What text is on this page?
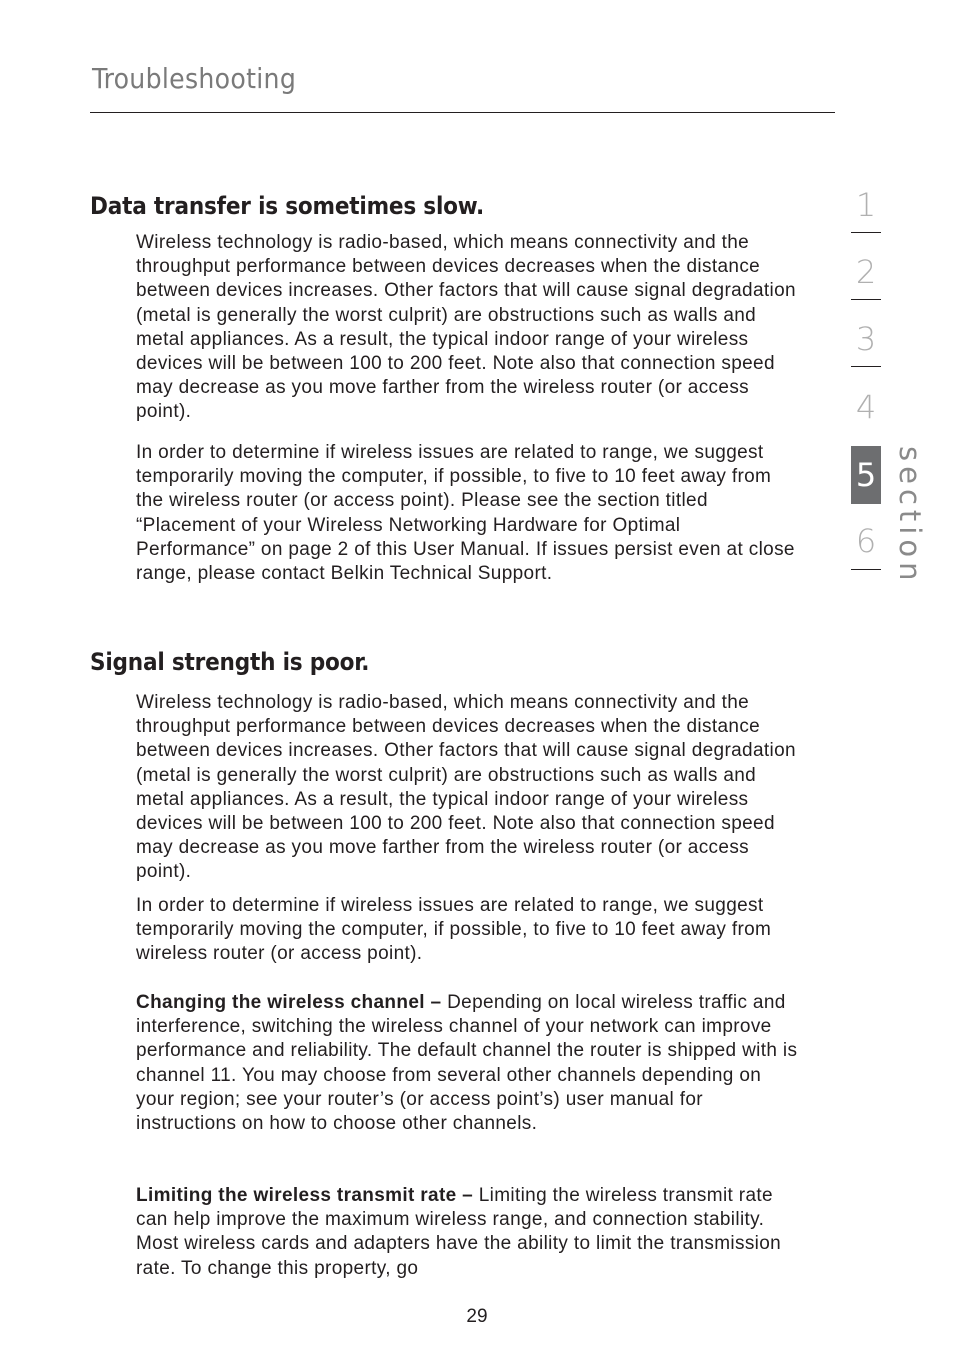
Troubleshooting
Data transfer is sometimes slow.

Wireless technology is radio-based, which means connectivity and the throughput performance between devices decreases when the distance between devices increases. Other factors that will cause signal degradation (metal is generally the worst culprit) are obstructions such as walls and metal appliances. As a result, the typical indoor range of your wireless devices will be between 100 to 200 feet. Note also that connection speed may decrease as you move farther from the wireless router (or access point).

In order to determine if wireless issues are related to range, we suggest temporarily moving the computer, if possible, to five to 10 feet away from the wireless router (or access point). Please see the section titled “Placement of your Wireless Networking Hardware for Optimal Performance” on page 2 of this User Manual. If issues persist even at close range, please contact Belkin Technical Support.

Signal strength is poor.

Wireless technology is radio-based, which means connectivity and the throughput performance between devices decreases when the distance between devices increases. Other factors that will cause signal degradation (metal is generally the worst culprit) are obstructions such as walls and metal appliances. As a result, the typical indoor range of your wireless devices will be between 100 to 200 feet. Note also that connection speed may decrease as you move farther from the wireless router (or access point).

In order to determine if wireless issues are related to range, we suggest temporarily moving the computer, if possible, to five to 10 feet away from wireless router (or access point).

Changing the wireless channel – Depending on local wireless traffic and interference, switching the wireless channel of your network can improve performance and reliability. The default channel the router is shipped with is channel 11. You may choose from several other channels depending on your region; see your router’s (or access point’s) user manual for instructions on how to choose other channels.

Limiting the wireless transmit rate – Limiting the wireless transmit rate can help improve the maximum wireless range, and connection stability. Most wireless cards and adapters have the ability to limit the transmission rate. To change this property, go

1
2
3
4
5
6 section
29
